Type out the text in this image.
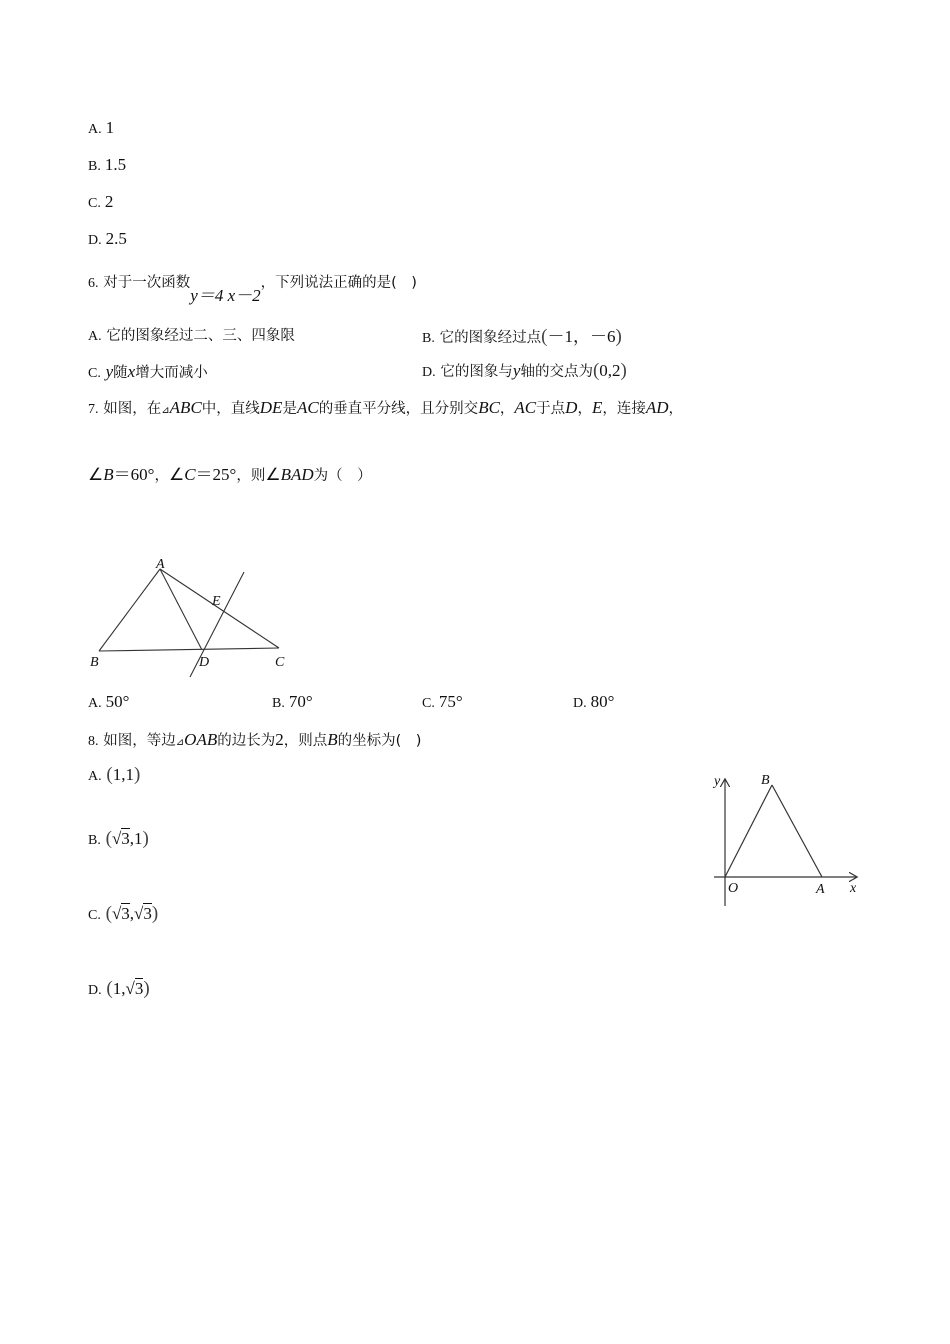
A. 1
B. 1.5
C. 2
D. 2.5
6. 对于一次函数y＝4 x－2，下列说法正确的是(　)
A. 它的图象经过二、三、四象限	B. 它的图象经过点(－1，－6)
C. y随x增大而减小	D. 它的图象与y轴的交点为(0,2)
7. 如图，在⊿ABC中，直线DE是AC的垂直平分线，且分别交BC，AC于点D，E，连接AD，
∠B＝60°，∠C＝25°，则∠BAD为（　）
A
B	C
D
E
A. 50°	B. 70°	C. 75°	D. 80°
8. 如图，等边⊿OAB的边长为2，则点B的坐标为(　)
A. (1,1)
B. (√3,1)
C. (√3,√3)
D. (1,√3)
y	B
O	A x
